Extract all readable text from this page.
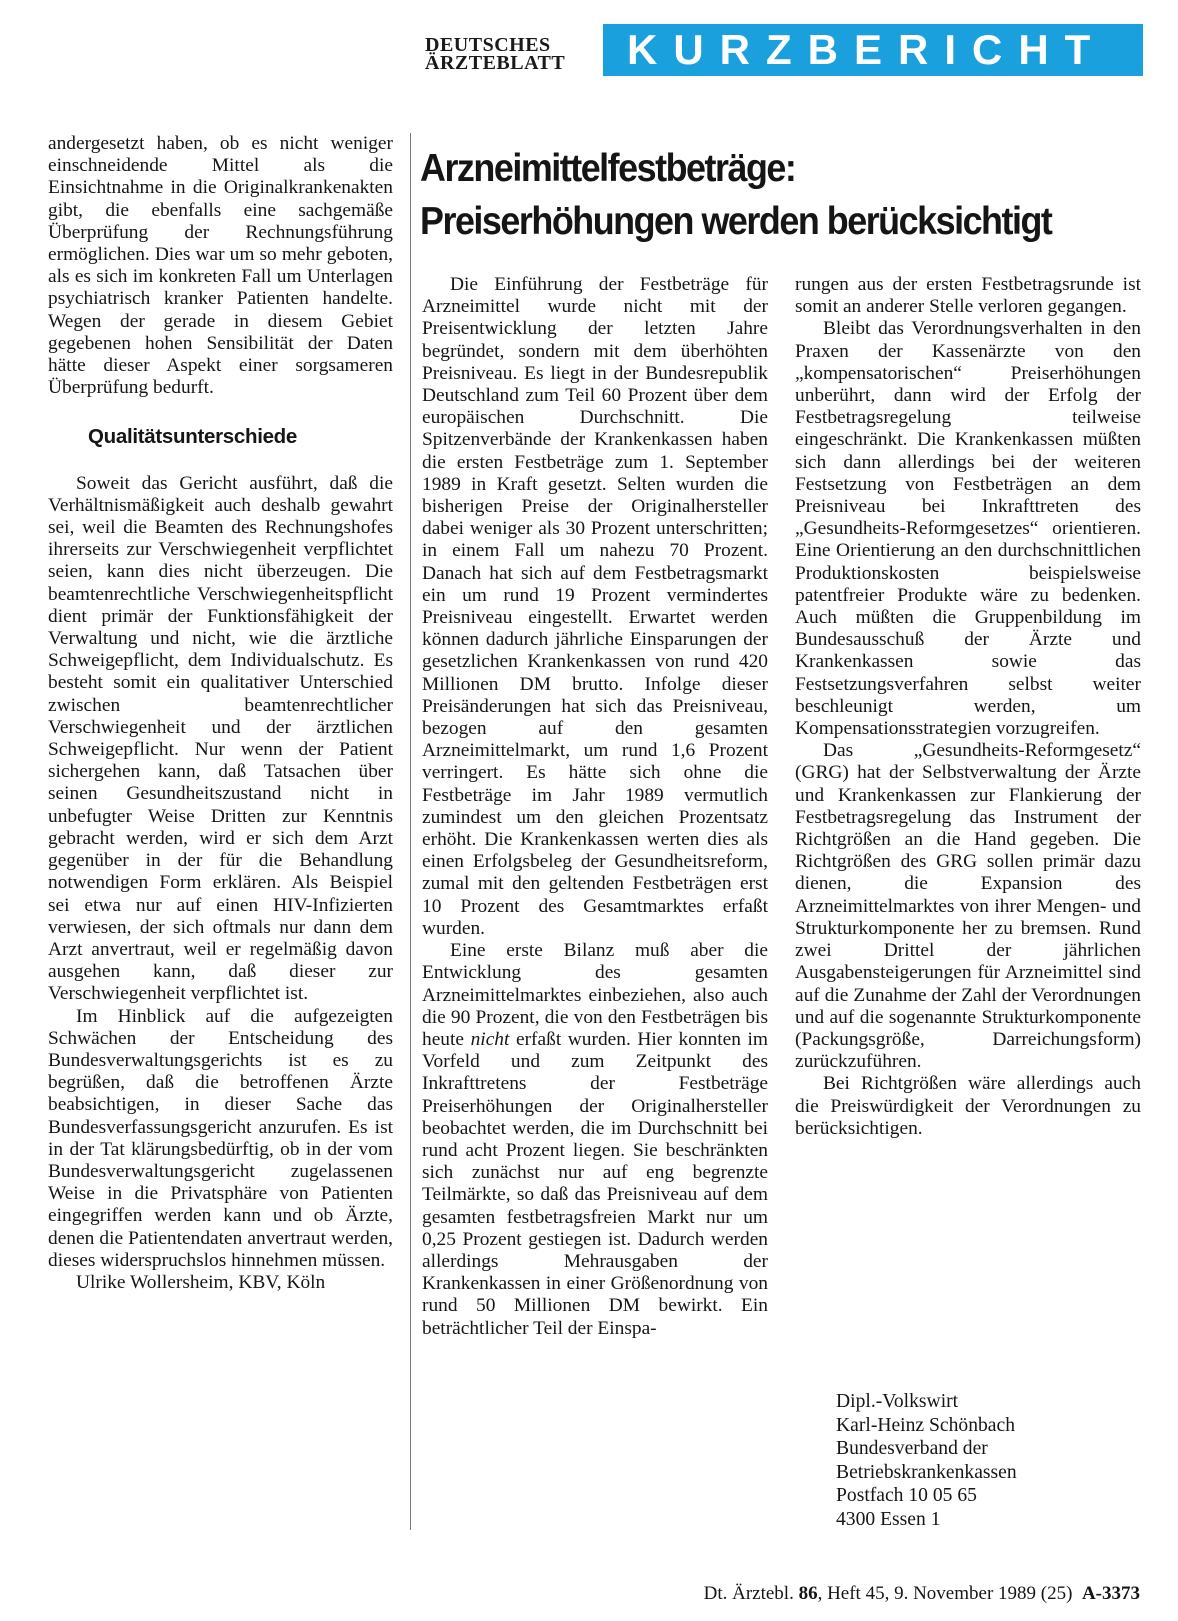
DEUTSCHES
ÄRZTEBLATT	KURZBERICHT

andergesetzt haben, ob es nicht weniger einschneidende Mittel als die Einsichtnahme in die Originalkrankenakten gibt, die ebenfalls eine sachgemäße Überprüfung der Rechnungsführung ermöglichen. Dies war um so mehr geboten, als es sich im konkreten Fall um Unterlagen psychiatrisch kranker Patienten handelte. Wegen der gerade in diesem Gebiet gegebenen hohen Sensibilität der Daten hätte dieser Aspekt einer sorgsameren Überprüfung bedurft.

Qualitätsunterschiede

Soweit das Gericht ausführt, daß die Verhältnismäßigkeit auch deshalb gewahrt sei, weil die Beamten des Rechnungshofes ihrerseits zur Verschwiegenheit verpflichtet seien, kann dies nicht überzeugen. Die beamtenrechtliche Verschwiegenheitspflicht dient primär der Funktionsfähigkeit der Verwaltung und nicht, wie die ärztliche Schweigepflicht, dem Individualschutz. Es besteht somit ein qualitativer Unterschied zwischen beamtenrechtlicher Verschwiegenheit und der ärztlichen Schweigepflicht. Nur wenn der Patient sichergehen kann, daß Tatsachen über seinen Gesundheitszustand nicht in unbefugter Weise Dritten zur Kenntnis gebracht werden, wird er sich dem Arzt gegenüber in der für die Behandlung notwendigen Form erklären. Als Beispiel sei etwa nur auf einen HIV-Infizierten verwiesen, der sich oftmals nur dann dem Arzt anvertraut, weil er regelmäßig davon ausgehen kann, daß dieser zur Verschwiegenheit verpflichtet ist.

Im Hinblick auf die aufgezeigten Schwächen der Entscheidung des Bundesverwaltungsgerichts ist es zu begrüßen, daß die betroffenen Ärzte beabsichtigen, in dieser Sache das Bundesverfassungsgericht anzurufen. Es ist in der Tat klärungsbedürftig, ob in der vom Bundesverwaltungsgericht zugelassenen Weise in die Privatsphäre von Patienten eingegriffen werden kann und ob Ärzte, denen die Patientendaten anvertraut werden, dieses widerspruchslos hinnehmen müssen.

Ulrike Wollersheim, KBV, Köln

Arzneimittelfestbeträge:
Preiserhöhungen werden berücksichtigt

Die Einführung der Festbeträge für Arzneimittel wurde nicht mit der Preisentwicklung der letzten Jahre begründet, sondern mit dem überhöhten Preisniveau. Es liegt in der Bundesrepublik Deutschland zum Teil 60 Prozent über dem europäischen Durchschnitt. Die Spitzenverbände der Krankenkassen haben die ersten Festbeträge zum 1. September 1989 in Kraft gesetzt. Selten wurden die bisherigen Preise der Originalhersteller dabei weniger als 30 Prozent unterschritten; in einem Fall um nahezu 70 Prozent. Danach hat sich auf dem Festbetragsmarkt ein um rund 19 Prozent vermindertes Preisniveau eingestellt. Erwartet werden können dadurch jährliche Einsparungen der gesetzlichen Krankenkassen von rund 420 Millionen DM brutto. Infolge dieser Preisänderungen hat sich das Preisniveau, bezogen auf den gesamten Arzneimittelmarkt, um rund 1,6 Prozent verringert. Es hätte sich ohne die Festbeträge im Jahr 1989 vermutlich zumindest um den gleichen Prozentsatz erhöht. Die Krankenkassen werten dies als einen Erfolgsbeleg der Gesundheitsreform, zumal mit den geltenden Festbeträgen erst 10 Prozent des Gesamtmarktes erfaßt wurden.

Eine erste Bilanz muß aber die Entwicklung des gesamten Arzneimittelmarktes einbeziehen, also auch die 90 Prozent, die von den Festbeträgen bis heute nicht erfaßt wurden. Hier konnten im Vorfeld und zum Zeitpunkt des Inkrafttretens der Festbeträge Preiserhöhungen der Originalhersteller beobachtet werden, die im Durchschnitt bei rund acht Prozent liegen. Sie beschränkten sich zunächst nur auf eng begrenzte Teilmärkte, so daß das Preisniveau auf dem gesamten festbetragsfreien Markt nur um 0,25 Prozent gestiegen ist. Dadurch werden allerdings Mehrausgaben der Krankenkassen in einer Größenordnung von rund 50 Millionen DM bewirkt. Ein beträchtlicher Teil der Einspa-

rungen aus der ersten Festbetragsrunde ist somit an anderer Stelle verloren gegangen.

Bleibt das Verordnungsverhalten in den Praxen der Kassenärzte von den „kompensatorischen“ Preiserhöhungen unberührt, dann wird der Erfolg der Festbetragsregelung teilweise eingeschränkt. Die Krankenkassen müßten sich dann allerdings bei der weiteren Festsetzung von Festbeträgen an dem Preisniveau bei Inkrafttreten des „Gesundheits-Reformgesetzes“ orientieren. Eine Orientierung an den durchschnittlichen Produktionskosten beispielsweise patentfreier Produkte wäre zu bedenken. Auch müßten die Gruppenbildung im Bundesausschuß der Ärzte und Krankenkassen sowie das Festsetzungsverfahren selbst weiter beschleunigt werden, um Kompensationsstrategien vorzugreifen.

Das „Gesundheits-Reformgesetz“ (GRG) hat der Selbstverwaltung der Ärzte und Krankenkassen zur Flankierung der Festbetragsregelung das Instrument der Richtgrößen an die Hand gegeben. Die Richtgrößen des GRG sollen primär dazu dienen, die Expansion des Arzneimittelmarktes von ihrer Mengen- und Strukturkomponente her zu bremsen. Rund zwei Drittel der jährlichen Ausgabensteigerungen für Arzneimittel sind auf die Zunahme der Zahl der Verordnungen und auf die sogenannte Strukturkomponente (Packungsgröße, Darreichungsform) zurückzuführen.

Bei Richtgrößen wäre allerdings auch die Preiswürdigkeit der Verordnungen zu berücksichtigen.

Dipl.-Volkswirt
Karl-Heinz Schönbach
Bundesverband der
Betriebskrankenkassen
Postfach 10 05 65
4300 Essen 1
Dt. Ärztebl. 86, Heft 45, 9. November 1989 (25) A-3373
